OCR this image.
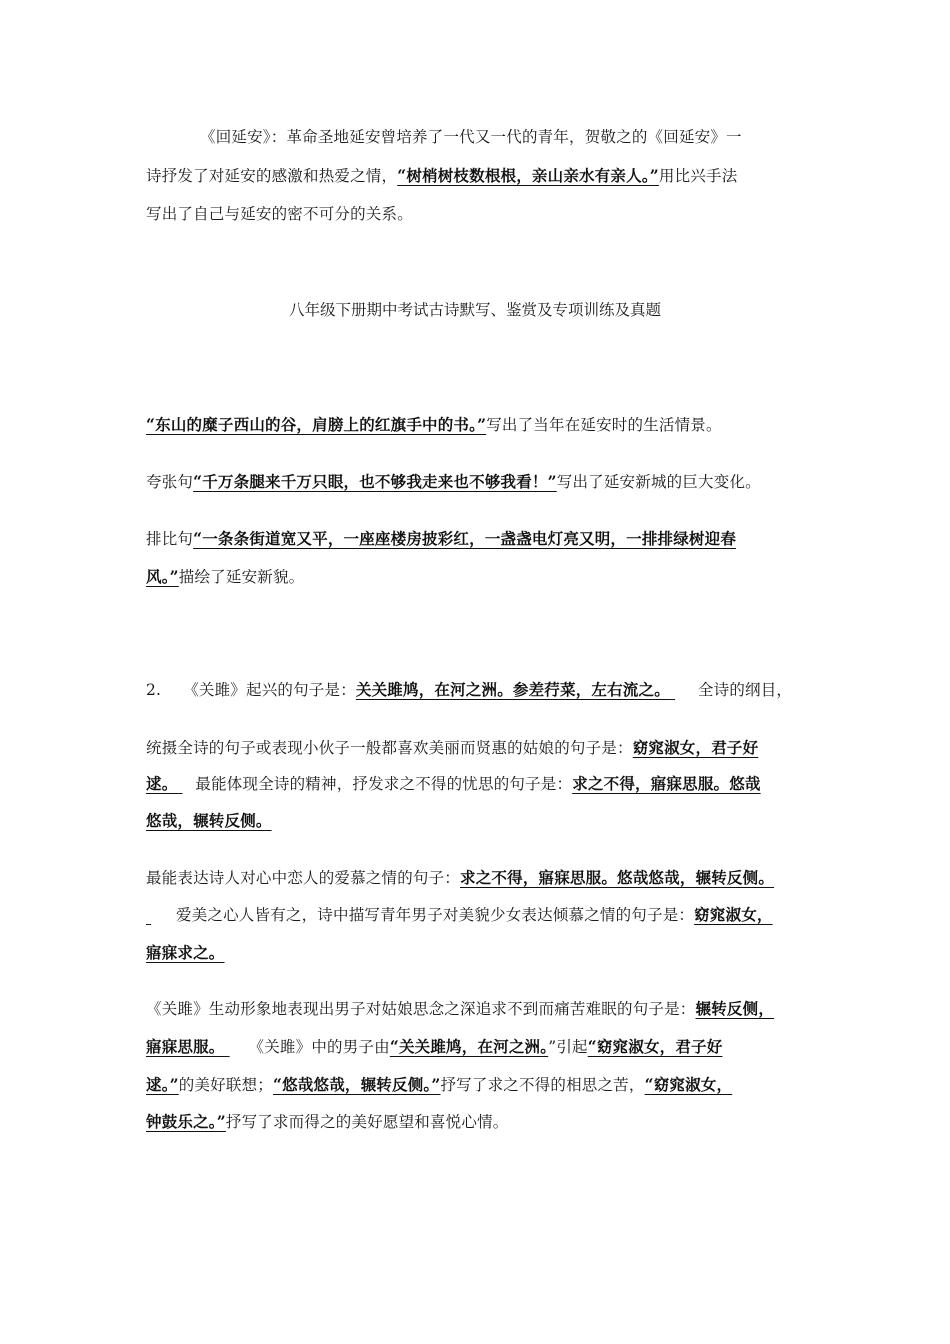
《回延安》：革命圣地延安曾培养了一代又一代的青年，贺敬之的《回延安》一
诗抒发了对延安的感激和热爱之情，“树梢树枝数根根，亲山亲水有亲人。”用比兴手法
写出了自己与延安的密不可分的关系。
八年级下册期中考试古诗默写、鉴赏及专项训练及真题
“东山的糜子西山的谷，肩膀上的红旗手中的书。”写出了当年在延安时的生活情景。
夸张句“千万条腿来千万只眼，也不够我走来也不够我看！”写出了延安新城的巨大变化。
排比句“一条条街道宽又平，一座座楼房披彩红，一盏盏电灯亮又明，一排排绿树迎春
风。”描绘了延安新貌。
2. 《关雎》起兴的句子是：关关雎鸠，在河之洲。参差荇菜，左右流之。 全诗的纲目，
统摄全诗的句子或表现小伙子一般都喜欢美丽而贤惠的姑娘的句子是：窈窕淑女，君子好
逑。 最能体现全诗的精神，抒发求之不得的忧思的句子是：求之不得，寤寐思服。悠哉
悠哉，辗转反侧。
最能表达诗人对心中恋人的爱慕之情的句子：求之不得，寤寐思服。悠哉悠哉，辗转反侧。
爱美之心人皆有之，诗中描写青年男子对美貌少女表达倾慕之情的句子是：窈窕淑女，
寤寐求之。
《关雎》生动形象地表现出男子对姑娘思念之深追求不到而痛苦难眠的句子是：辗转反侧，
寤寐思服。 《关雎》中的男子由“关关雎鸠，在河之洲。”引起“窈窕淑女，君子好
逑。”的美好联想；“悠哉悠哉，辗转反侧。”抒写了求之不得的相思之苦，“窈窕淑女，
钟鼓乐之。”抒写了求而得之的美好愿望和喜悦心情。
